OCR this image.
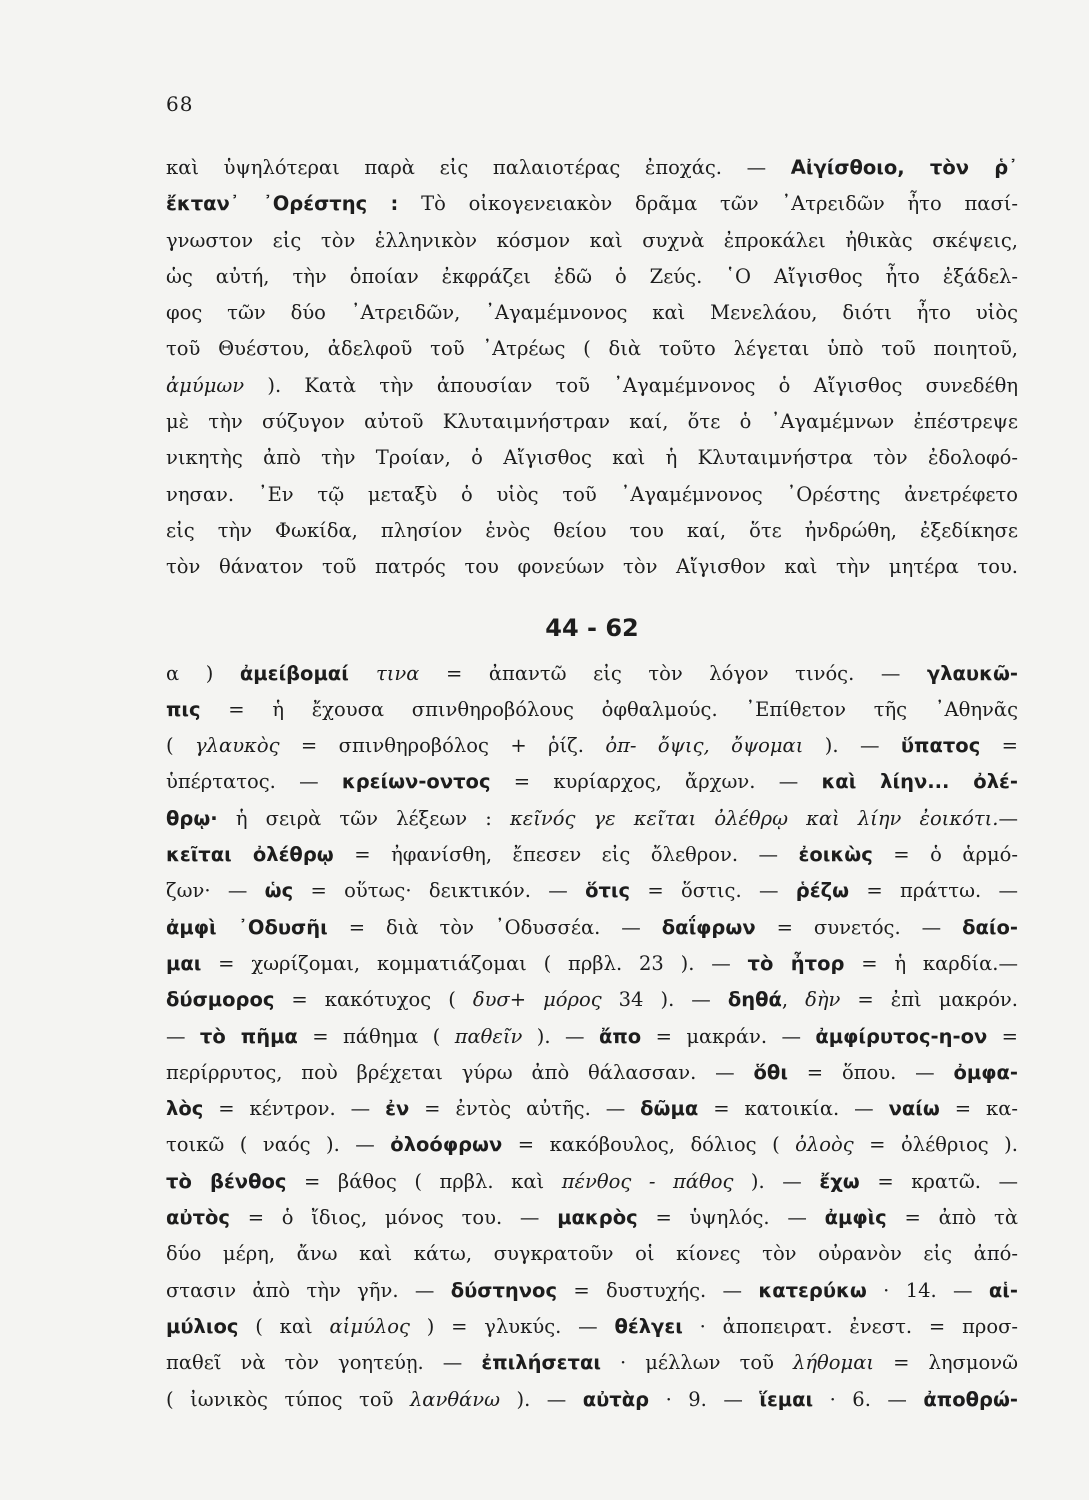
68
καὶ ὑψηλότεραι παρὰ εἰς παλαιοτέρας ἐποχάς. — Αἰγίσθοιο, τὸν ῥ᾽
ἔκταν᾽ ᾽Ορέστης : Τὸ οἰκογενειακὸν δρᾶμα τῶν ᾽Ατρειδῶν ἦτο πασί-
γνωστον εἰς τὸν ἑλληνικὸν κόσμον καὶ συχνὰ ἐπροκάλει ἠθικὰς σκέψεις,
ὡς αὐτή, τὴν ὁποίαν ἐκφράζει ἐδῶ ὁ Ζεύς. ῾Ο Αἴγισθος ἦτο ἐξάδελ-
φος τῶν δύο ᾽Ατρειδῶν, ᾽Αγαμέμνονος καὶ Μενελάου, διότι ἦτο υἱὸς
τοῦ Θυέστου, ἀδελφοῦ τοῦ ᾽Ατρέως ( διὰ τοῦτο λέγεται ὑπὸ τοῦ ποιητοῦ,
ἀμύμων ). Κατὰ τὴν ἀπουσίαν τοῦ ᾽Αγαμέμνονος ὁ Αἴγισθος συνεδέθη
μὲ τὴν σύζυγον αὐτοῦ Κλυταιμνήστραν καί, ὅτε ὁ ᾽Αγαμέμνων ἐπέστρεψε
νικητὴς ἀπὸ τὴν Τροίαν, ὁ Αἴγισθος καὶ ἡ Κλυταιμνήστρα τὸν ἐδολοφό-
νησαν. ᾽Εν τῷ μεταξὺ ὁ υἱὸς τοῦ ᾽Αγαμέμνονος ᾽Ορέστης ἀνετρέφετο
εἰς τὴν Φωκίδα, πλησίον ἑνὸς θείου του καί, ὅτε ἠνδρώθη, ἐξεδίκησε
τὸν θάνατον τοῦ πατρός του φονεύων τὸν Αἴγισθον καὶ τὴν μητέρα του.
44 - 62
α ) ἀμείβομαί τινα = ἀπαντῶ εἰς τὸν λόγον τινός. — γλαυκῶ-
πις = ἡ ἔχουσα σπινθηροβόλους ὀφθαλμούς. ᾽Επίθετον τῆς ᾽Αθηνᾶς
( γλαυκὸς = σπινθηροβόλος + ῥίζ. ὀπ- ὄψις, ὄψομαι ). — ὕπατος =
ὑπέρτατος. — κρείων-οντος = κυρίαρχος, ἄρχων. — καὶ λίην... ὀλέ-
θρῳ· ἡ σειρὰ τῶν λέξεων : κεῖνός γε κεῖται ὀλέθρῳ καὶ λίην ἐοικότι.—
κεῖται ὀλέθρῳ = ἠφανίσθη, ἔπεσεν εἰς ὄλεθρον. — ἐοικὼς = ὁ ἁρμό-
ζων· — ὡς = οὕτως· δεικτικόν. — ὅτις = ὅστις. — ῥέζω = πράττω. —
ἀμφὶ ᾽Οδυσῆι = διὰ τὸν ᾽Οδυσσέα. — δαΐφρων = συνετός. — δαίο-
μαι = χωρίζομαι, κομματιάζομαι ( πρβλ. 23 ). — τὸ ἦτορ = ἡ καρδία.—
δύσμορος = κακότυχος ( δυσ+ μόρος 34 ). — δηθά, δὴν = ἐπὶ μακρόν.
— τὸ πῆμα = πάθημα ( παθεῖν ). — ἄπο = μακράν. — ἀμφίρυτος-η-ον =
περίρρυτος, ποὺ βρέχεται γύρω ἀπὸ θάλασσαν. — ὅθι = ὅπου. — ὀμφα-
λὸς = κέντρον. — ἐν = ἐντὸς αὐτῆς. — δῶμα = κατοικία. — ναίω = κα-
τοικῶ ( ναός ). — ὀλοόφρων = κακόβουλος, δόλιος ( ὀλοὸς = ὀλέθριος ).
τὸ βένθος = βάθος ( πρβλ. καὶ πένθος - πάθος ). — ἔχω = κρατῶ. —
αὐτὸς = ὁ ἴδιος, μόνος του. — μακρὸς = ὑψηλός. — ἀμφὶς = ἀπὸ τὰ
δύο μέρη, ἄνω καὶ κάτω, συγκρατοῦν οἱ κίονες τὸν οὐρανὸν εἰς ἀπό-
στασιν ἀπὸ τὴν γῆν. — δύστηνος = δυστυχής. — κατερύκω · 14. — αἱ-
μύλιος ( καὶ αἱμύλος ) = γλυκύς. — θέλγει · ἀποπειρατ. ἐνεστ. = προσ-
παθεῖ νὰ τὸν γοητεύῃ. — ἐπιλήσεται · μέλλων τοῦ λήθομαι = λησμονῶ
( ἰωνικὸς τύπος τοῦ λανθάνω ). — αὐτὰρ · 9. — ἵεμαι · 6. — ἀποθρώ-
